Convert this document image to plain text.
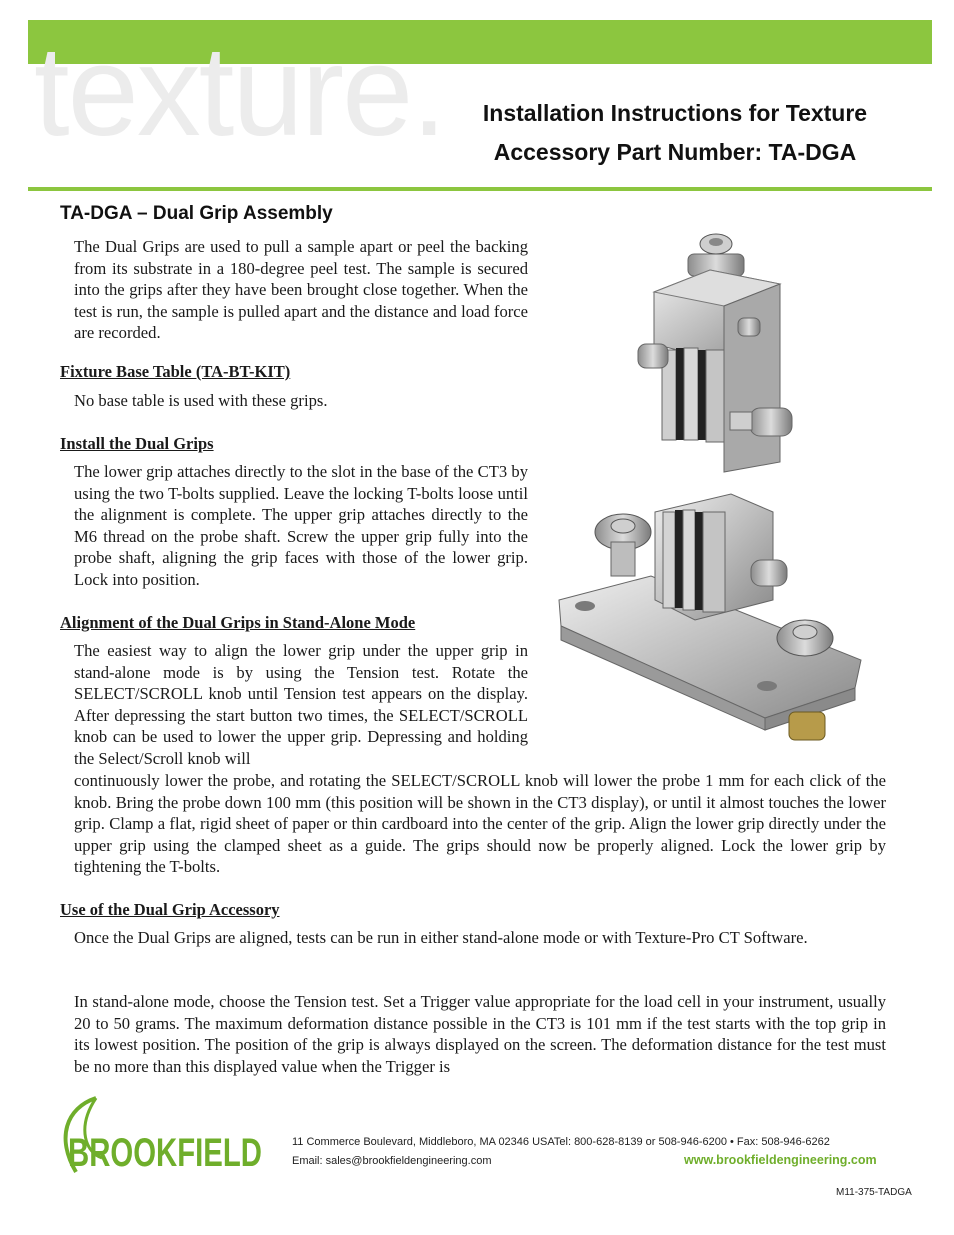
texture.	Installation Instructions for Texture
Accessory Part Number: TA-DGA
TA-DGA – Dual Grip Assembly

The Dual Grips are used to pull a sample apart or peel the backing from its substrate in a 180-degree peel test. The sample is secured into the grips after they have been brought close together. When the test is run, the sample is pulled apart and the distance and load force are recorded.

Fixture Base Table (TA-BT-KIT)

No base table is used with these grips.

Install the Dual Grips

The lower grip attaches directly to the slot in the base of the CT3 by using the two T-bolts supplied. Leave the locking T-bolts loose until the alignment is complete. The upper grip attaches directly to the M6 thread on the probe shaft. Screw the upper grip fully into the probe shaft, aligning the grip faces with those of the lower grip. Lock into position.

Alignment of the Dual Grips in Stand-Alone Mode

The easiest way to align the lower grip under the upper grip in stand-alone mode is by using the Tension test. Rotate the SELECT/SCROLL knob until Tension test appears on the display. After depressing the start button two times, the SELECT/SCROLL knob can be used to lower the upper grip. Depressing and holding the Select/Scroll knob will

continuously lower the probe, and rotating the SELECT/SCROLL knob will lower the probe 1 mm for each click of the knob. Bring the probe down 100 mm (this position will be shown in the CT3 display), or until it almost touches the lower grip. Clamp a flat, rigid sheet of paper or thin cardboard into the center of the grip. Align the lower grip directly under the upper grip using the clamped sheet as a guide. The grips should now be properly aligned. Lock the lower grip by tightening the T-bolts.

Use of the Dual Grip Accessory

Once the Dual Grips are aligned, tests can be run in either stand-alone mode or with Texture-Pro CT Software.

In stand-alone mode, choose the Tension test. Set a Trigger value appropriate for the load cell in your instrument, usually 20 to 50 grams. The maximum deformation distance possible in the CT3 is 101 mm if the test starts with the top grip in its lowest position. The position of the grip is always displayed on the screen. The deformation distance for the test must be no more than this displayed value when the Trigger is

BROOKFIELD	11 Commerce Boulevard, Middleboro, MA 02346 USATel: 800-628-8139 or 508-946-6200 • Fax: 508-946-6262
Email: sales@brookfieldengineering.com	www.brookfieldengineering.com
M11-375-TADGA
